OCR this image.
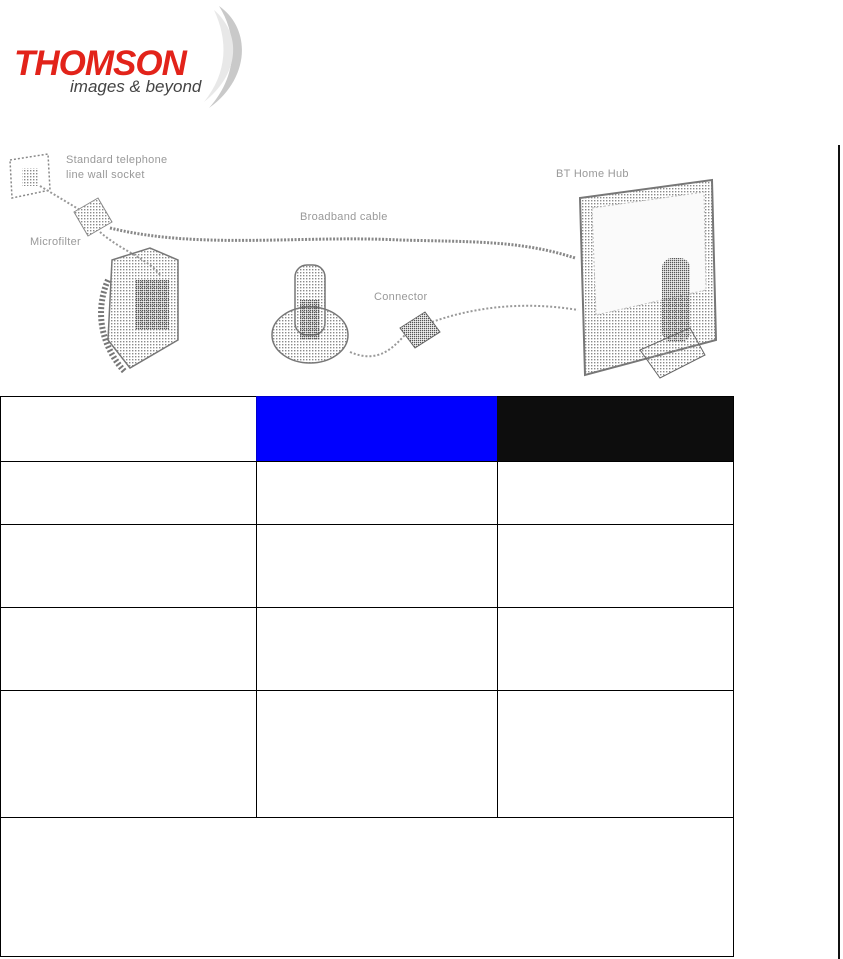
THOMSON
images & beyond
Standard telephone
line wall socket
Microfilter
Broadband cable
Connector
BT Home Hub
